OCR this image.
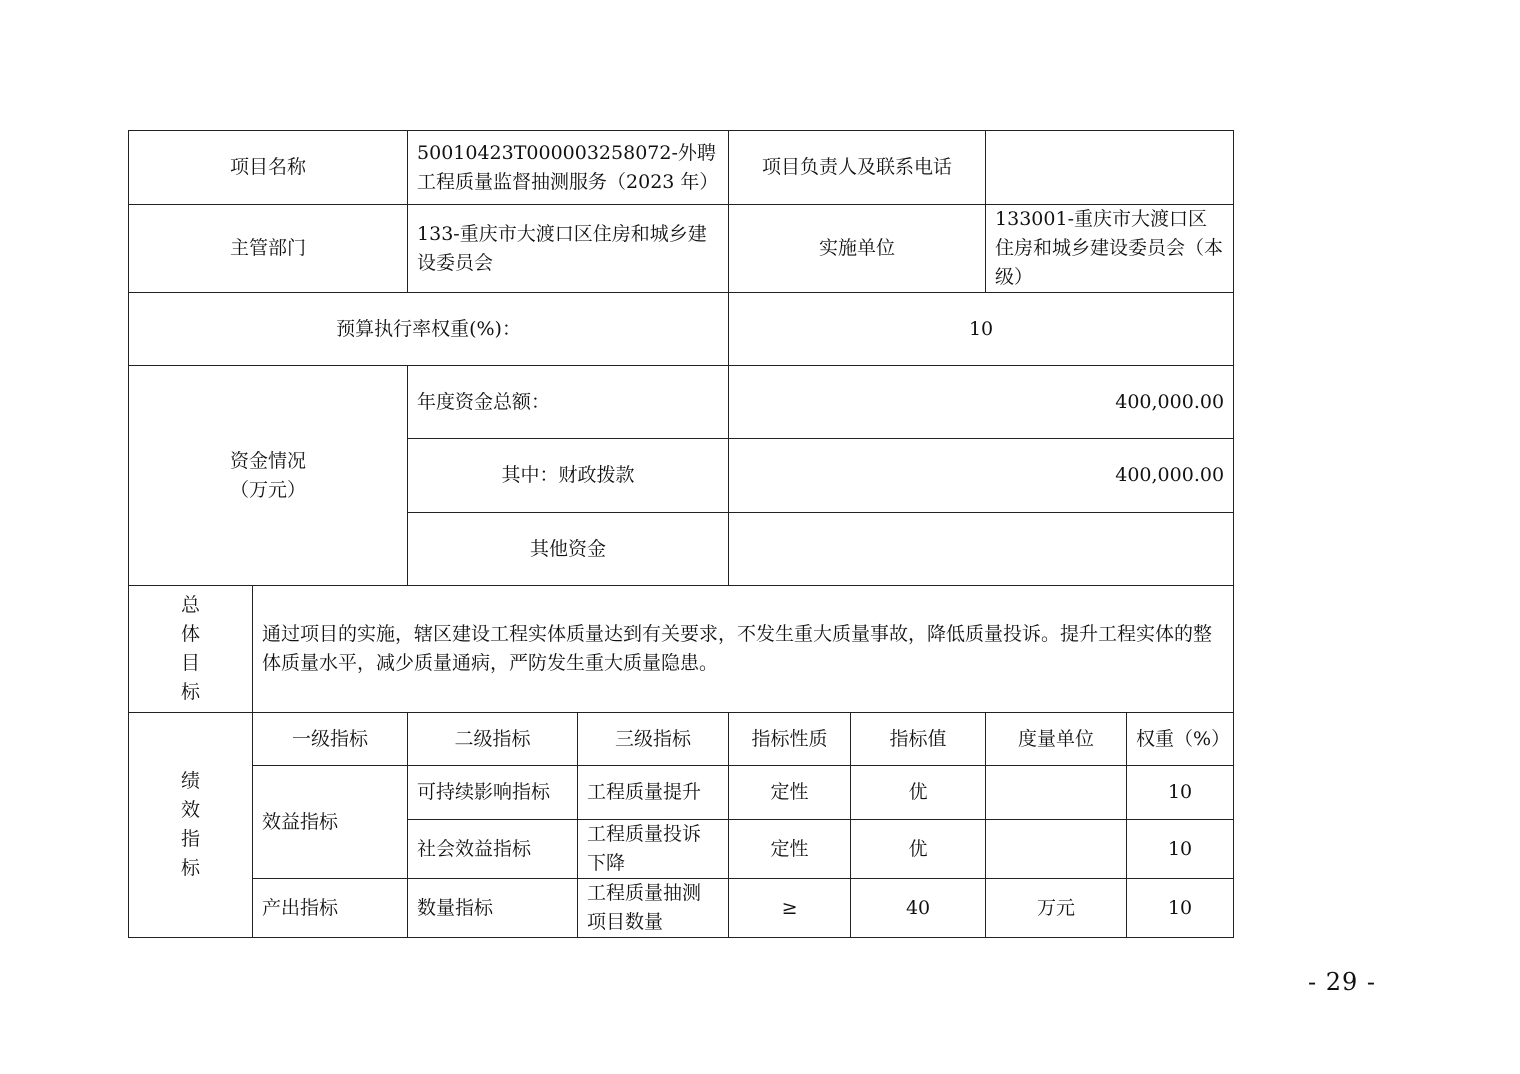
项目名称		50010423T000003258072-外聘工程质量监督抽测服务（2023 年）		项目负责人及联系电话			
主管部门		133-重庆市大渡口区住房和城乡建设委员会		实施单位		133001-重庆市大渡口区住房和城乡建设委员会（本级）	
预算执行率权重(%)：				10			

资金情况
（万元）		年度资金总额：		400,000.00			
		其中：财政拨款		400,000.00			
		其他资金					

总
体
目
标	通过项目的实施，辖区建设工程实体质量达到有关要求，不发生重大质量事故，降低质量投诉。提升工程实体的整体质量水平，减少质量通病，严防发生重大质量隐患。						

绩
效
指
标	一级指标	二级指标	三级指标	指标性质	指标值	度量单位	权重（%）
	效益指标	可持续影响指标	工程质量提升	定性	优		10
		社会效益指标	工程质量投诉下降	定性	优		10
	产出指标	数量指标	工程质量抽测项目数量	≥	40	万元	10
- 29 -
